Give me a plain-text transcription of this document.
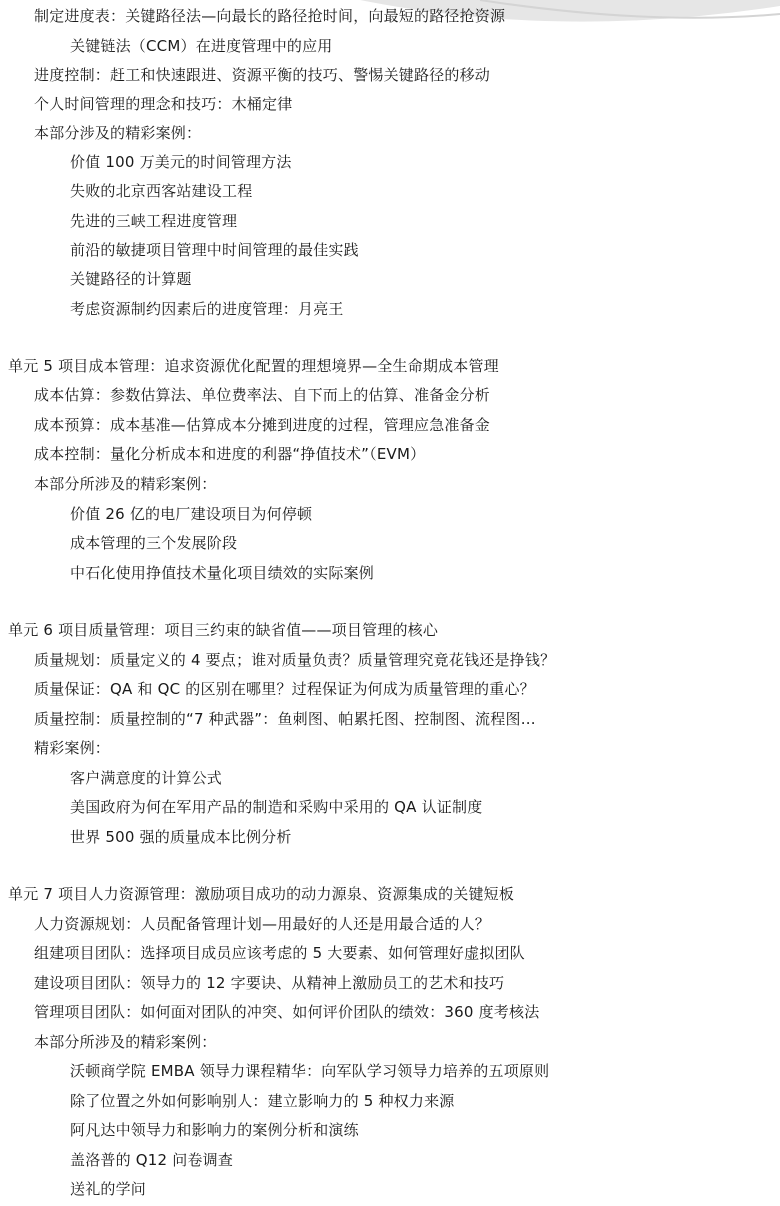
制定进度表：关键路径法—向最长的路径抢时间，向最短的路径抢资源
关键链法（CCM）在进度管理中的应用
进度控制：赶工和快速跟进、资源平衡的技巧、警惕关键路径的移动
个人时间管理的理念和技巧：木桶定律
本部分涉及的精彩案例：
价值 100 万美元的时间管理方法
失败的北京西客站建设工程
先进的三峡工程进度管理
前沿的敏捷项目管理中时间管理的最佳实践
关键路径的计算题
考虑资源制约因素后的进度管理：月亮王
单元 5 项目成本管理：追求资源优化配置的理想境界—全生命期成本管理
成本估算：参数估算法、单位费率法、自下而上的估算、准备金分析
成本预算：成本基准—估算成本分摊到进度的过程，管理应急准备金
成本控制：量化分析成本和进度的利器“挣值技术”（EVM）
本部分所涉及的精彩案例：
价值 26 亿的电厂建设项目为何停顿
成本管理的三个发展阶段
中石化使用挣值技术量化项目绩效的实际案例
单元 6 项目质量管理：项目三约束的缺省值——项目管理的核心
质量规划：质量定义的 4 要点；谁对质量负责？质量管理究竟花钱还是挣钱？
质量保证：QA 和 QC 的区别在哪里？过程保证为何成为质量管理的重心？
质量控制：质量控制的“7 种武器”：鱼刺图、帕累托图、控制图、流程图…
精彩案例：
客户满意度的计算公式
美国政府为何在军用产品的制造和采购中采用的 QA 认证制度
世界 500 强的质量成本比例分析
单元 7 项目人力资源管理：激励项目成功的动力源泉、资源集成的关键短板
人力资源规划：人员配备管理计划—用最好的人还是用最合适的人？
组建项目团队：选择项目成员应该考虑的 5 大要素、如何管理好虚拟团队
建设项目团队：领导力的 12 字要诀、从精神上激励员工的艺术和技巧
管理项目团队：如何面对团队的冲突、如何评价团队的绩效：360 度考核法
本部分所涉及的精彩案例：
沃顿商学院 EMBA 领导力课程精华：向军队学习领导力培养的五项原则
除了位置之外如何影响别人：建立影响力的 5 种权力来源
阿凡达中领导力和影响力的案例分析和演练
盖洛普的 Q12 问卷调查
送礼的学问
